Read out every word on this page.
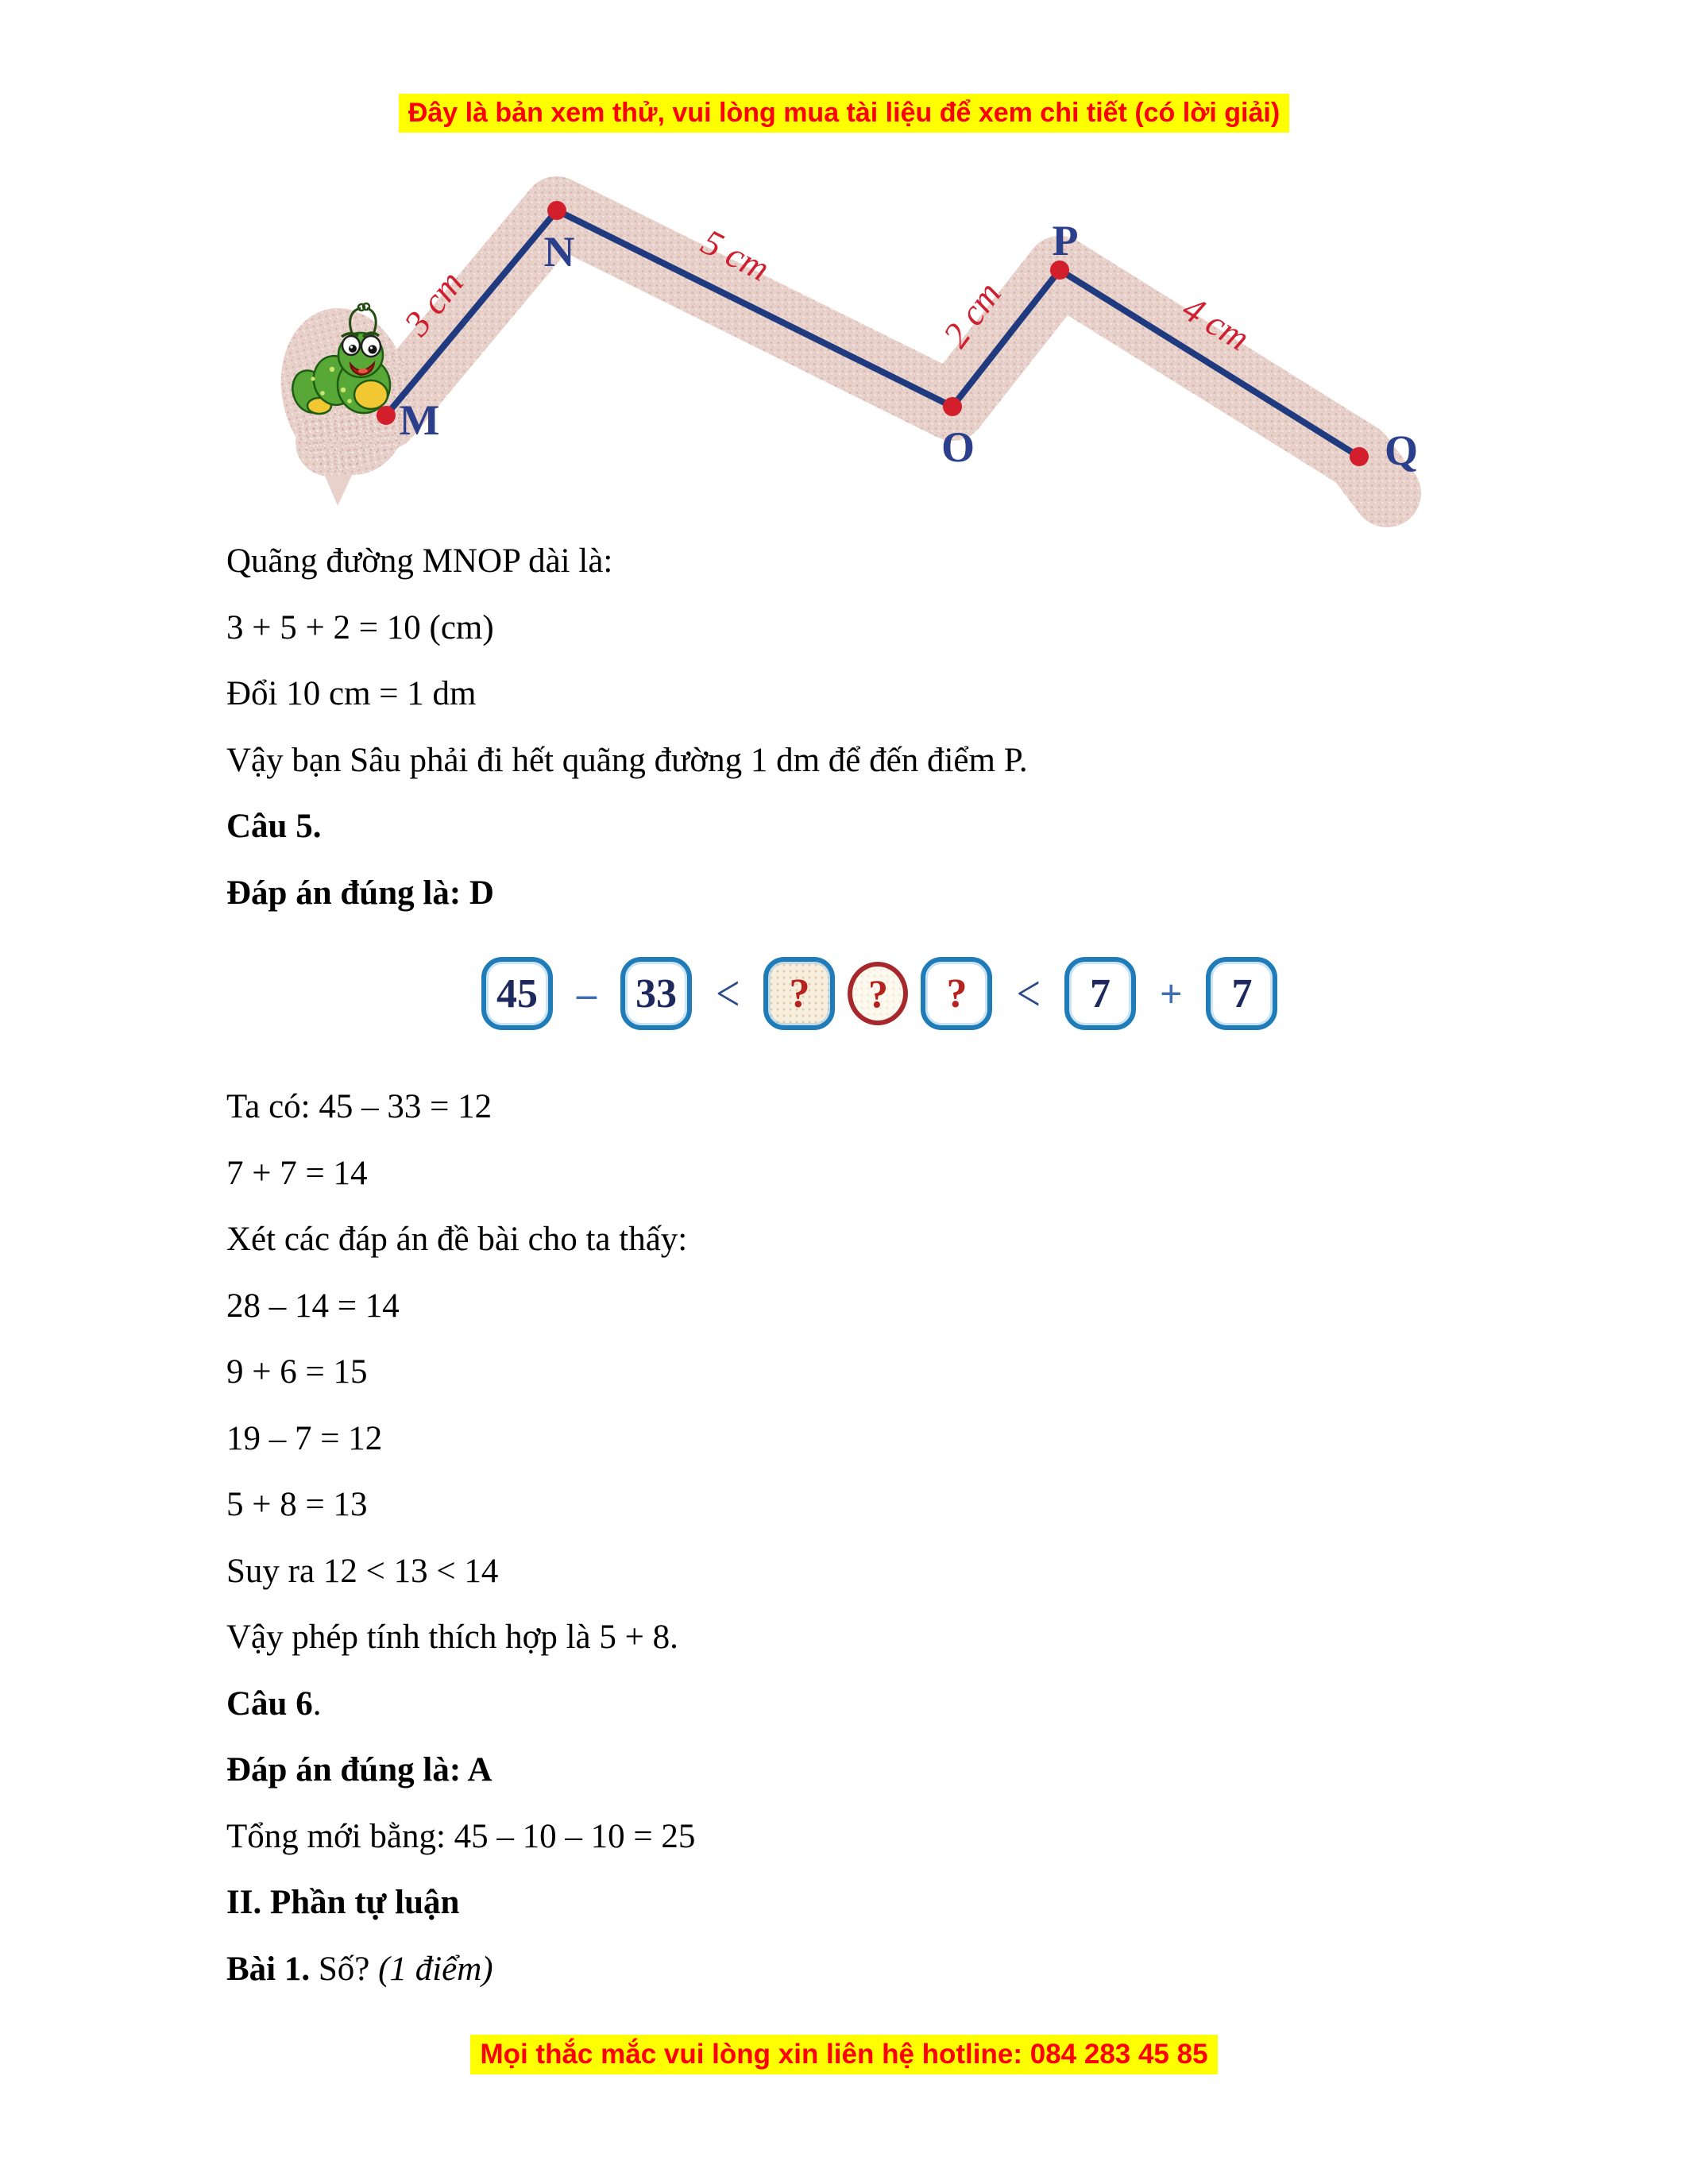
Đây là bản xem thử, vui lòng mua tài liệu để xem chi tiết (có lời giải)
M
N
O
P
Q
3 cm
5 cm
2 cm	4 cm

Quãng đường MNOP dài là:

3 + 5 + 2 = 10 (cm)

Đổi 10 cm = 1 dm

Vậy bạn Sâu phải đi hết quãng đường 1 dm để đến điểm P.

Câu 5.

Đáp án đúng là: D

45 – 33 <	?	?	?	<	7	+	7

Ta có: 45 – 33 = 12

7 + 7 = 14

Xét các đáp án đề bài cho ta thấy:

28 – 14 = 14

9 + 6 = 15

19 – 7 = 12

5 + 8 = 13

Suy ra 12 < 13 < 14

Vậy phép tính thích hợp là 5 + 8.

Câu 6.

Đáp án đúng là: A

Tổng mới bằng: 45 – 10 – 10 = 25

II. Phần tự luận

Bài 1. Số? (1 điểm)

Mọi thắc mắc vui lòng xin liên hệ hotline: 084 283 45 85
